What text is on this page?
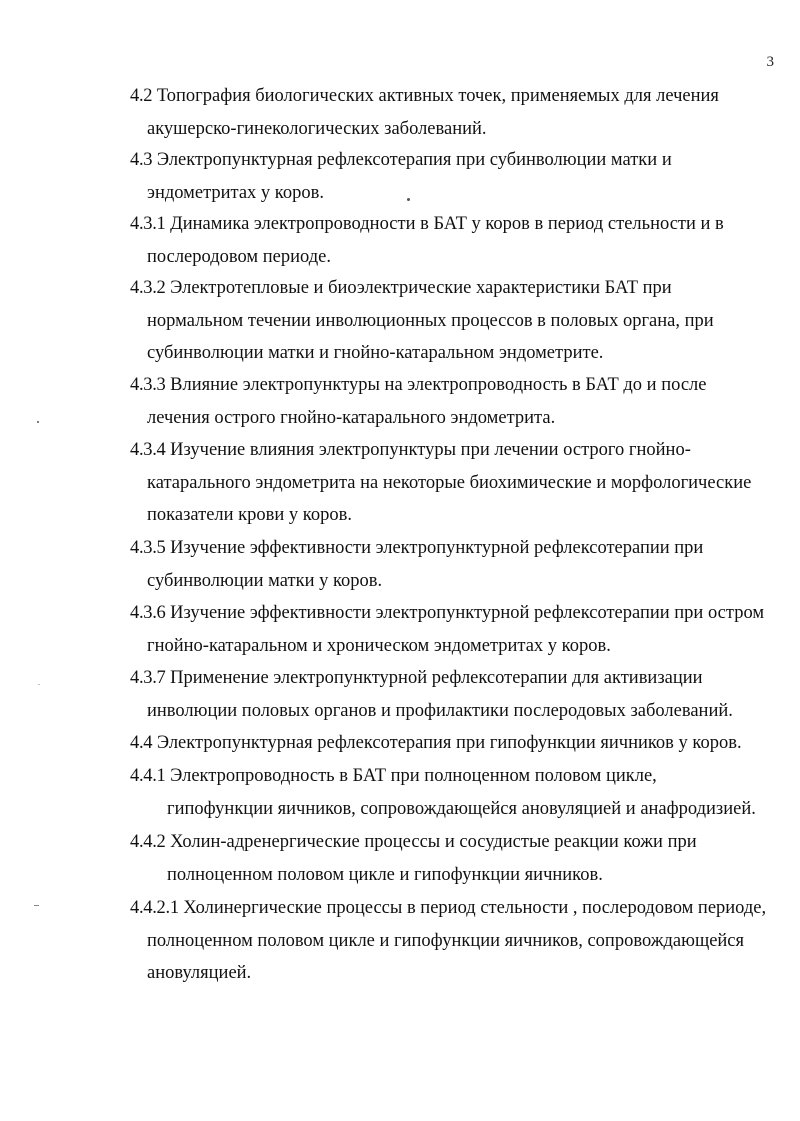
3
4.2 Топография биологических активных точек, применяемых для лечения
акушерско-гинекологических заболеваний.
4.3 Электропунктурная рефлексотерапия при субинволюции матки и
эндометритах у коров.
4.3.1 Динамика электропроводности в БАТ у коров в период стельности и в
послеродовом периоде.
4.3.2 Электротепловые и биоэлектрические характеристики БАТ при
нормальном течении инволюционных процессов в половых органа, при
субинволюции матки и гнойно-катаральном эндометрите.
4.3.3 Влияние электропунктуры на электропроводность в БАТ до и после
лечения острого гнойно-катарального эндометрита.
4.3.4 Изучение влияния электропунктуры при лечении острого гнойно-
катарального эндометрита на некоторые биохимические и морфологические
показатели крови у коров.
4.3.5 Изучение эффективности электропунктурной рефлексотерапии при
субинволюции матки у коров.
4.3.6 Изучение эффективности электропунктурной рефлексотерапии при остром
гнойно-катаральном и хроническом эндометритах у коров.
4.3.7 Применение электропунктурной рефлексотерапии для активизации
инволюции половых органов и профилактики послеродовых заболеваний.
4.4 Электропунктурная рефлексотерапия при гипофункции яичников у коров.
4.4.1 Электропроводность в БАТ при полноценном половом цикле,
гипофункции яичников, сопровождающейся ановуляцией и анафродизией.
4.4.2 Холин-адренергические процессы и сосудистые реакции кожи при
полноценном половом цикле и гипофункции яичников.
4.4.2.1 Холинергические процессы в период стельности , послеродовом периоде,
полноценном половом цикле и гипофункции яичников, сопровождающейся
ановуляцией.
